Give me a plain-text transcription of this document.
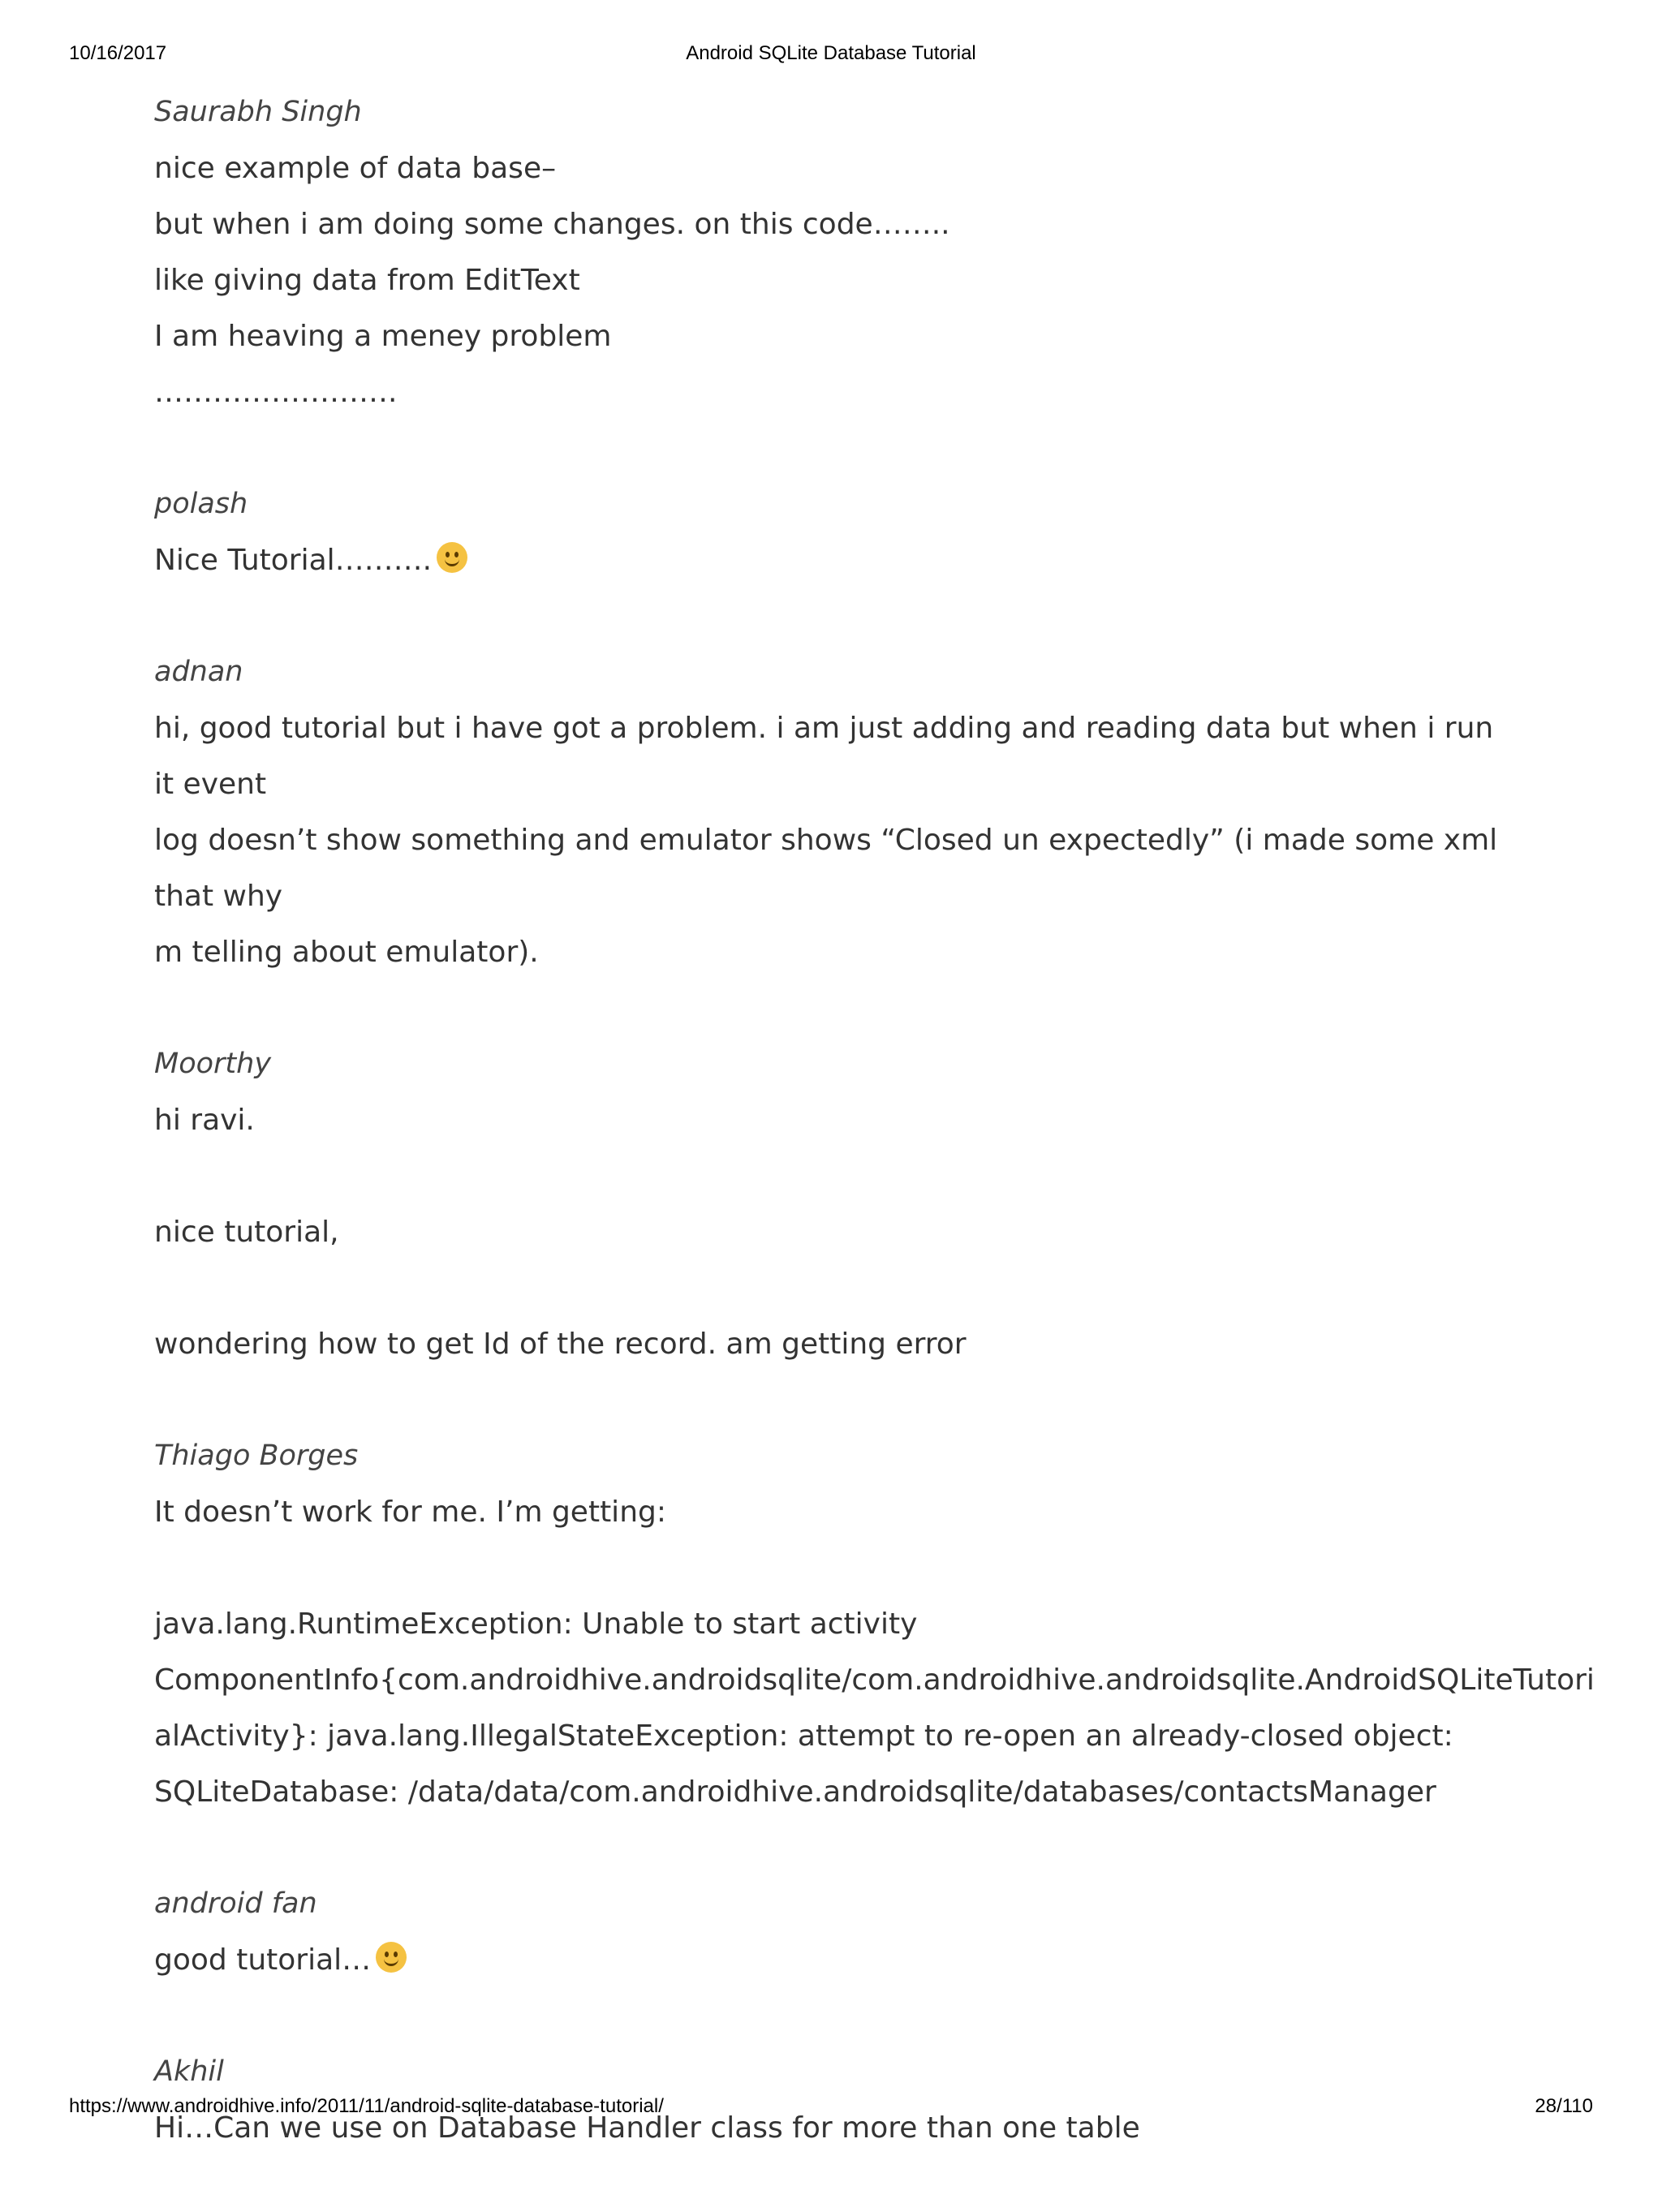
10/16/2017	Android SQLite Database Tutorial
Saurabh Singh
nice example of data base–
but when i am doing some changes. on this code……..
like giving data from EditText
I am heaving a meney problem
…………………….
polash
Nice Tutorial……….
adnan
hi, good tutorial but i have got a problem. i am just adding and reading data but when i run it event
log doesn’t show something and emulator shows “Closed un expectedly” (i made some xml that why
m telling about emulator).
Moorthy
hi ravi.
nice tutorial,
wondering how to get Id of the record. am getting error
Thiago Borges
It doesn’t work for me. I’m getting:
java.lang.RuntimeException: Unable to start activity
ComponentInfo{com.androidhive.androidsqlite/com.androidhive.androidsqlite.AndroidSQLiteTutori
alActivity}: java.lang.IllegalStateException: attempt to re-open an already-closed object:
SQLiteDatabase: /data/data/com.androidhive.androidsqlite/databases/contactsManager
android fan
good tutorial…
Akhil
Hi…Can we use on Database Handler class for more than one table
https://www.androidhive.info/2011/11/android-sqlite-database-tutorial/	28/110
